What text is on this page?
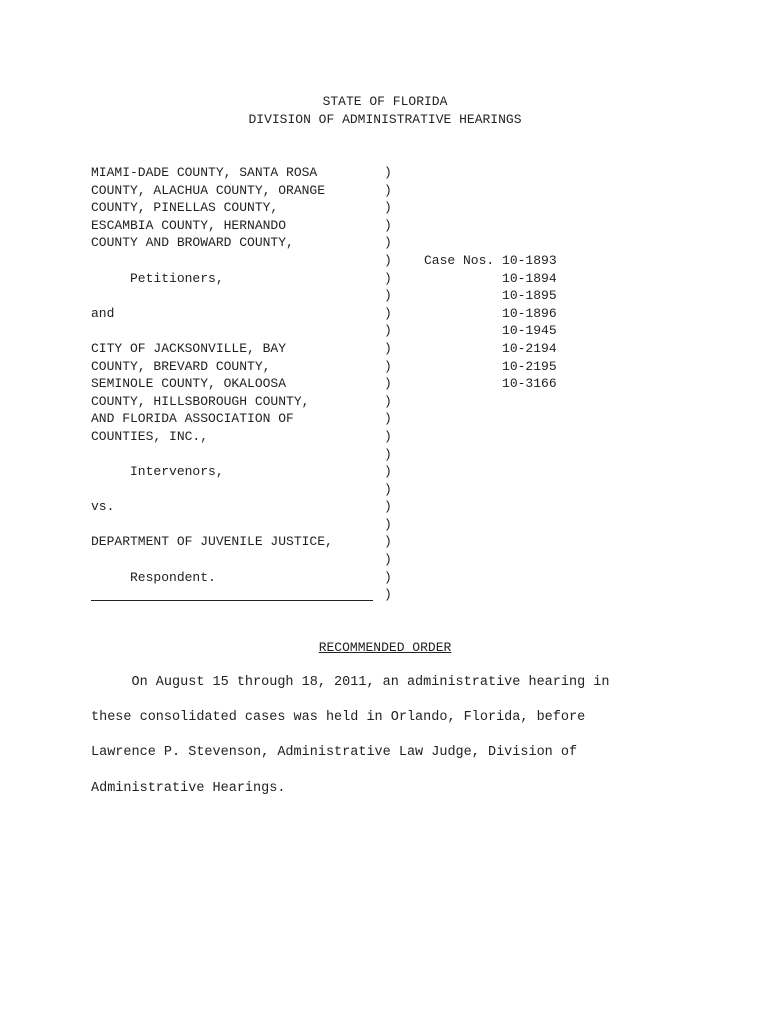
STATE OF FLORIDA
DIVISION OF ADMINISTRATIVE HEARINGS
MIAMI-DADE COUNTY, SANTA ROSA
COUNTY, ALACHUA COUNTY, ORANGE
COUNTY, PINELLAS COUNTY,
ESCAMBIA COUNTY, HERNANDO
COUNTY AND BROWARD COUNTY,

Petitioners,

and

CITY OF JACKSONVILLE, BAY
COUNTY, BREVARD COUNTY,
SEMINOLE COUNTY, OKALOOSA
COUNTY, HILLSBOROUGH COUNTY,
AND FLORIDA ASSOCIATION OF
COUNTIES, INC.,

Intervenors,

vs.

DEPARTMENT OF JUVENILE JUSTICE,

Respondent.
)
)
)
)
)
)
)
)
)
)
)
)
)
)
)
)
)
)
)
)
)
)
)
)
)
Case Nos. 10-1893
10-1894
10-1895
10-1896
10-1945
10-2194
10-2195
10-3166
RECOMMENDED ORDER
On August 15 through 18, 2011, an administrative hearing in
these consolidated cases was held in Orlando, Florida, before
Lawrence P. Stevenson, Administrative Law Judge, Division of
Administrative Hearings.
